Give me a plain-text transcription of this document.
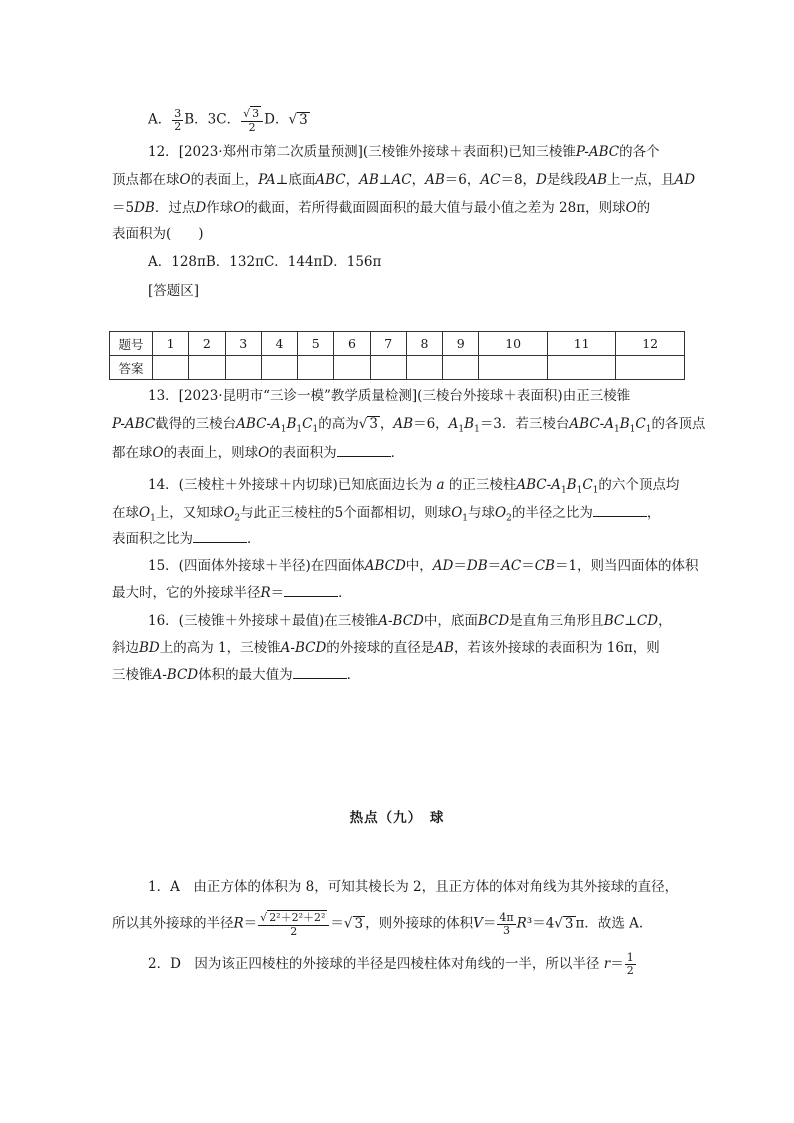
A． $\frac{3}{2}$ B．3C． $\frac{√ 3}{2}$ D．√ 3
12．[2023·郑州市第二次质量预测](三棱锥外接球＋表面积)已知三棱锥P-ABC的各个
顶点都在球O的表面上，PA⊥底面ABC，AB⊥AC，AB＝6，AC＝8，D是线段AB上一点，且AD
＝5DB．过点D作球O的截面，若所得截面圆面积的最大值与最小值之差为 28π，则球O的
表面积为(　　)
A．128πB．132πC．144πD．156π
[答题区]
题号	1	2	3	4	5	6	7	8	9	10	11	12
答案												
13．[2023·昆明市“三诊一模”教学质量检测](三棱台外接球＋表面积)由正三棱锥
P-ABC截得的三棱台ABC-$A_1B_1C_1$的高为√ 3 ，AB＝6，$A_1B_1=3$．若三棱台ABC-$A_1B_1C_1$的各顶点
都在球O的表面上，则球O的表面积为	．
14．(三棱柱＋外接球＋内切球)已知底面边长为 a 的正三棱柱ABC-$A_1B_1C_1$的六个顶点均
在球$O_1$上，又知球$O_2$与此正三棱柱的5个面都相切，则球$O_1$与球$O_2$的半径之比为	，
表面积之比为	．
15．(四面体外接球＋半径)在四面体ABCD中，AD＝DB＝AC＝CB＝1，则当四面体的体积
最大时，它的外接球半径R＝	．
16．(三棱锥＋外接球＋最值)在三棱锥A-BCD中，底面BCD是直角三角形且BC⊥CD，
斜边BD上的高为 1，三棱锥A-BCD的外接球的直径是AB，若该外接球的表面积为 16π，则
三棱锥A-BCD体积的最大值为	．
热点（九）　球
1．A　由正方体的体积为 8，可知其棱长为 2，且正方体的体对角线为其外接球的直径，
所以其外接球的半径$R= \frac{\text{√ 2²＋2²＋2²}}{2}$ ＝√ 3 ，则外接球的体积$V= \frac{4\pi}{3} R^3=4√$ 3 π．故选 A.
2．D　因为该正四棱柱的外接球的半径是四棱柱体对角线的一半，所以半径 $r= \frac{1}{2}$
